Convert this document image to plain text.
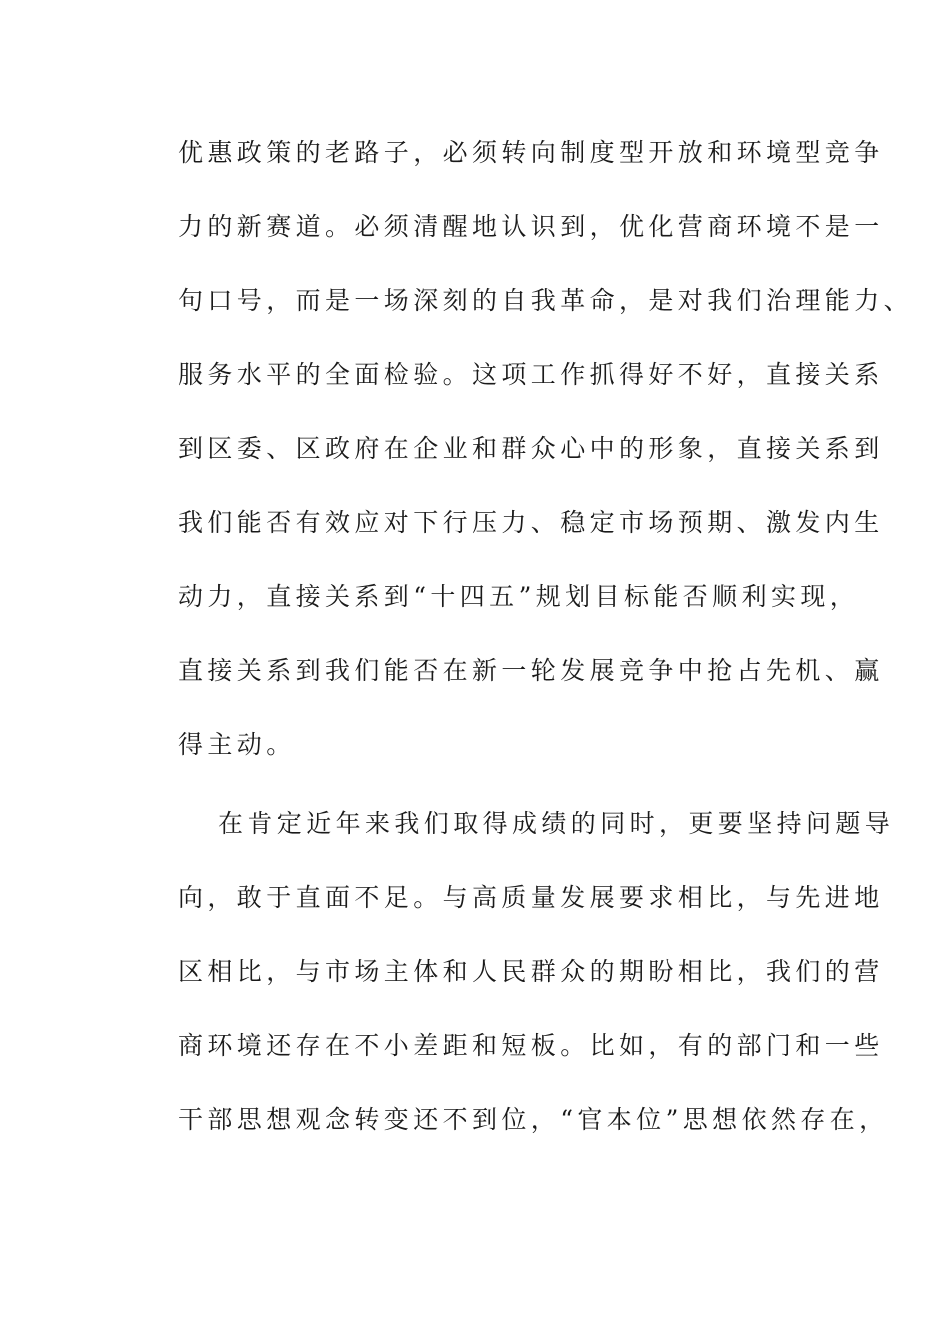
优惠政策的老路子，必须转向制度型开放和环境型竞争
力的新赛道。必须清醒地认识到，优化营商环境不是一
句口号，而是一场深刻的自我革命，是对我们治理能力、
服务水平的全面检验。这项工作抓得好不好，直接关系
到区委、区政府在企业和群众心中的形象，直接关系到
我们能否有效应对下行压力、稳定市场预期、激发内生
动力，直接关系到“十四五”规划目标能否顺利实现，
直接关系到我们能否在新一轮发展竞争中抢占先机、赢
得主动。
在肯定近年来我们取得成绩的同时，更要坚持问题导
向，敢于直面不足。与高质量发展要求相比，与先进地
区相比，与市场主体和人民群众的期盼相比，我们的营
商环境还存在不小差距和短板。比如，有的部门和一些
干部思想观念转变还不到位，“官本位”思想依然存在，
